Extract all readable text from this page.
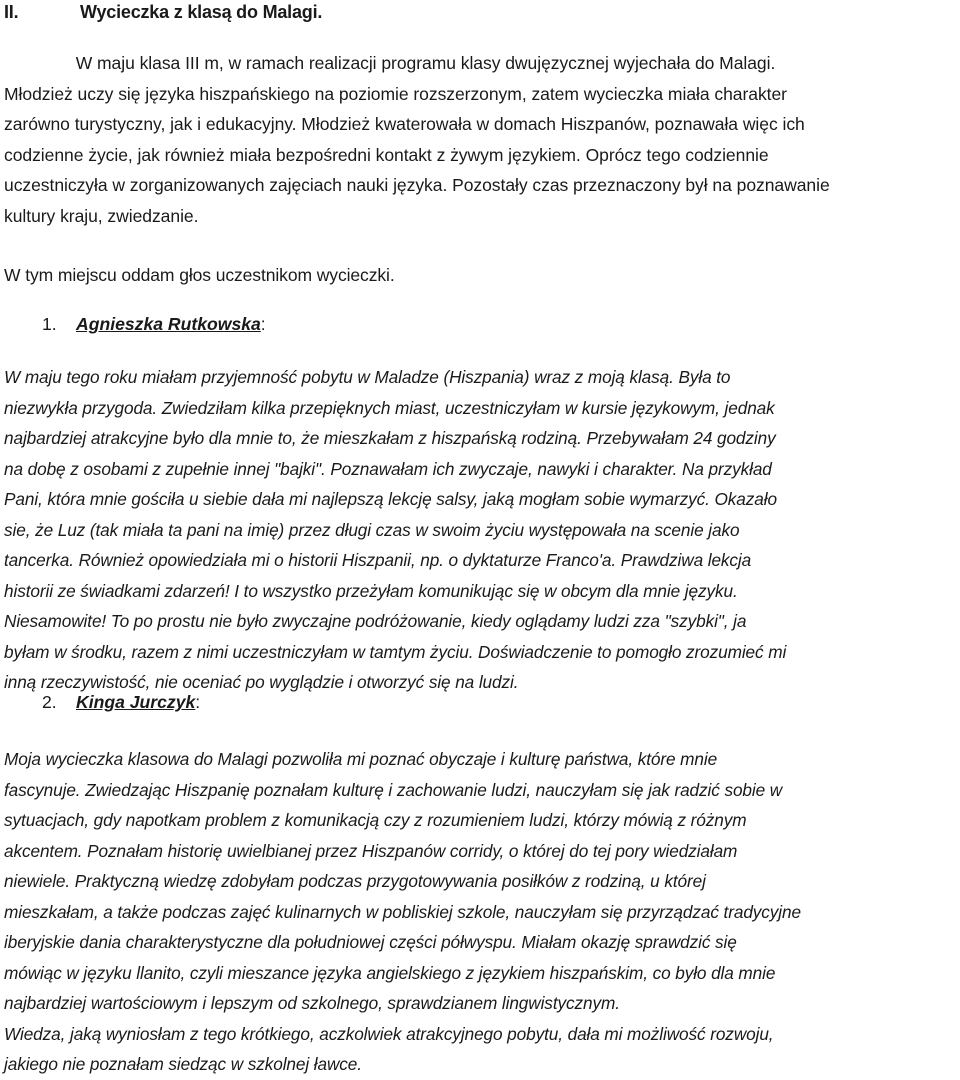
II.	Wycieczka z klasą do Malagi.
W maju klasa III m, w ramach realizacji programu klasy dwujęzycznej wyjechała do Malagi.
Młodzież uczy się języka hiszpańskiego na poziomie rozszerzonym, zatem wycieczka miała charakter
zarówno turystyczny, jak i edukacyjny. Młodzież kwaterowała w domach Hiszpanów, poznawała więc ich
codzienne życie, jak również miała bezpośredni kontakt z żywym językiem. Oprócz tego codziennie
uczestniczyła w zorganizowanych zajęciach nauki języka. Pozostały czas przeznaczony był na poznawanie
kultury kraju, zwiedzanie.
W tym miejscu oddam głos uczestnikom wycieczki.
1. Agnieszka Rutkowska:
W maju tego roku miałam przyjemność pobytu w Maladze (Hiszpania) wraz z moją klasą. Była to
niezwykła przygoda. Zwiedziłam kilka przepięknych miast, uczestniczyłam w kursie językowym, jednak
najbardziej atrakcyjne było dla mnie to, że mieszkałam z hiszpańską rodziną. Przebywałam 24 godziny
na dobę z osobami z zupełnie innej "bajki". Poznawałam ich zwyczaje, nawyki i charakter. Na przykład
Pani, która mnie gościła u siebie dała mi najlepszą lekcję salsy, jaką mogłam sobie wymarzyć. Okazało
sie, że Luz (tak miała ta pani na imię) przez długi czas w swoim życiu występowała na scenie jako
tancerka. Również opowiedziała mi o historii Hiszpanii, np. o dyktaturze Franco'a. Prawdziwa lekcja
historii ze świadkami zdarzeń! I to wszystko przeżyłam komunikując się w obcym dla mnie języku.
Niesamowite! To po prostu nie było zwyczajne podróżowanie, kiedy oglądamy ludzi zza "szybki", ja
byłam w środku, razem z nimi uczestniczyłam w tamtym życiu. Doświadczenie to pomogło zrozumieć mi
inną rzeczywistość, nie oceniać po wyglądzie i otworzyć się na ludzi.
2. Kinga Jurczyk:
Moja wycieczka klasowa do Malagi pozwoliła mi poznać obyczaje i kulturę państwa, które mnie
fascynuje. Zwiedzając Hiszpanię poznałam kulturę i zachowanie ludzi, nauczyłam się jak radzić sobie w
sytuacjach, gdy napotkam problem z komunikacją czy z rozumieniem ludzi, którzy mówią z różnym
akcentem. Poznałam historię uwielbianej przez Hiszpanów corridy, o której do tej pory wiedziałam
niewiele. Praktyczną wiedzę zdobyłam podczas przygotowywania posiłków z rodziną, u której
mieszkałam, a także podczas zajęć kulinarnych w pobliskiej szkole, nauczyłam się przyrządzać tradycyjne
iberyjskie dania charakterystyczne dla południowej części półwyspu. Miałam okazję sprawdzić się
mówiąc w języku llanito, czyli mieszance języka angielskiego z językiem hiszpańskim, co było dla mnie
najbardziej wartościowym i lepszym od szkolnego, sprawdzianem lingwistycznym.
Wiedza, jaką wyniosłam z tego krótkiego, aczkolwiek atrakcyjnego pobytu, dała mi możliwość rozwoju,
jakiego nie poznałam siedząc w szkolnej ławce.
